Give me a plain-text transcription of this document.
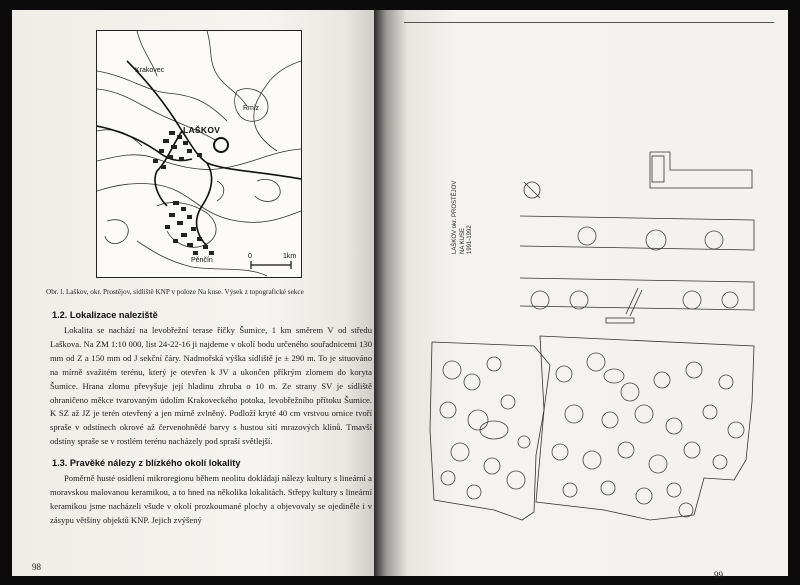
Krakovec
Rmiz
LAŠKOV
Pěnčín
0	1km
Obr. l. Laškov, okr. Prostějov, sídliště KNP v poloze Na kuse. Výsek z topografické sekce
1.2. Lokalizace naleziště
Lokalita se nachází na levobřežní terase říčky Šumice, 1 km směrem V od středu Laškova. Na ZM 1:10 000, list 24-22-16 ji najdeme v okolí bodu určeného souřadnicemi 130 mm od Z a 150 mm od J sekční čáry. Nadmořská výška sídliště je ± 290 m. To je situováno na mírně svažitém terénu, který je otevřen k JV a ukončen příkrým zlomem do koryta Šumice. Hrana zlomu převyšuje její hladinu zhruba o 10 m. Ze strany SV je sídliště ohraničeno měkce tvarovaným údolím Krakoveckého potoka, levobřežního přítoku Šumice. K SZ až JZ je terén otevřený a jen mírně zvlněný. Podloží kryté 40 cm vrstvou ornice tvoří spraše v odstínech okrové až červenohnědé barvy s hustou sítí mrazových klínů. Tmavší odstíny spraše se v rostlém terénu nacházely pod spraší světlejší.
1.3. Pravěké nálezy z blízkého okolí lokality
Poměrně husté osídlení mikroregionu během neolitu dokládají nálezy kultury s lineární a moravskou malovanou keramikou, a to hned na několika lokalitách. Střepy kultury s lineární keramikou jsme nacházeli všude v okolí prozkoumané plochy a objevovaly se ojediněle i v zásypu většiny objektů KNP. Jejich zvýšený
98
LAŠKOV okr. PROSTĚJOV NA KUSE 1991-1992
99
